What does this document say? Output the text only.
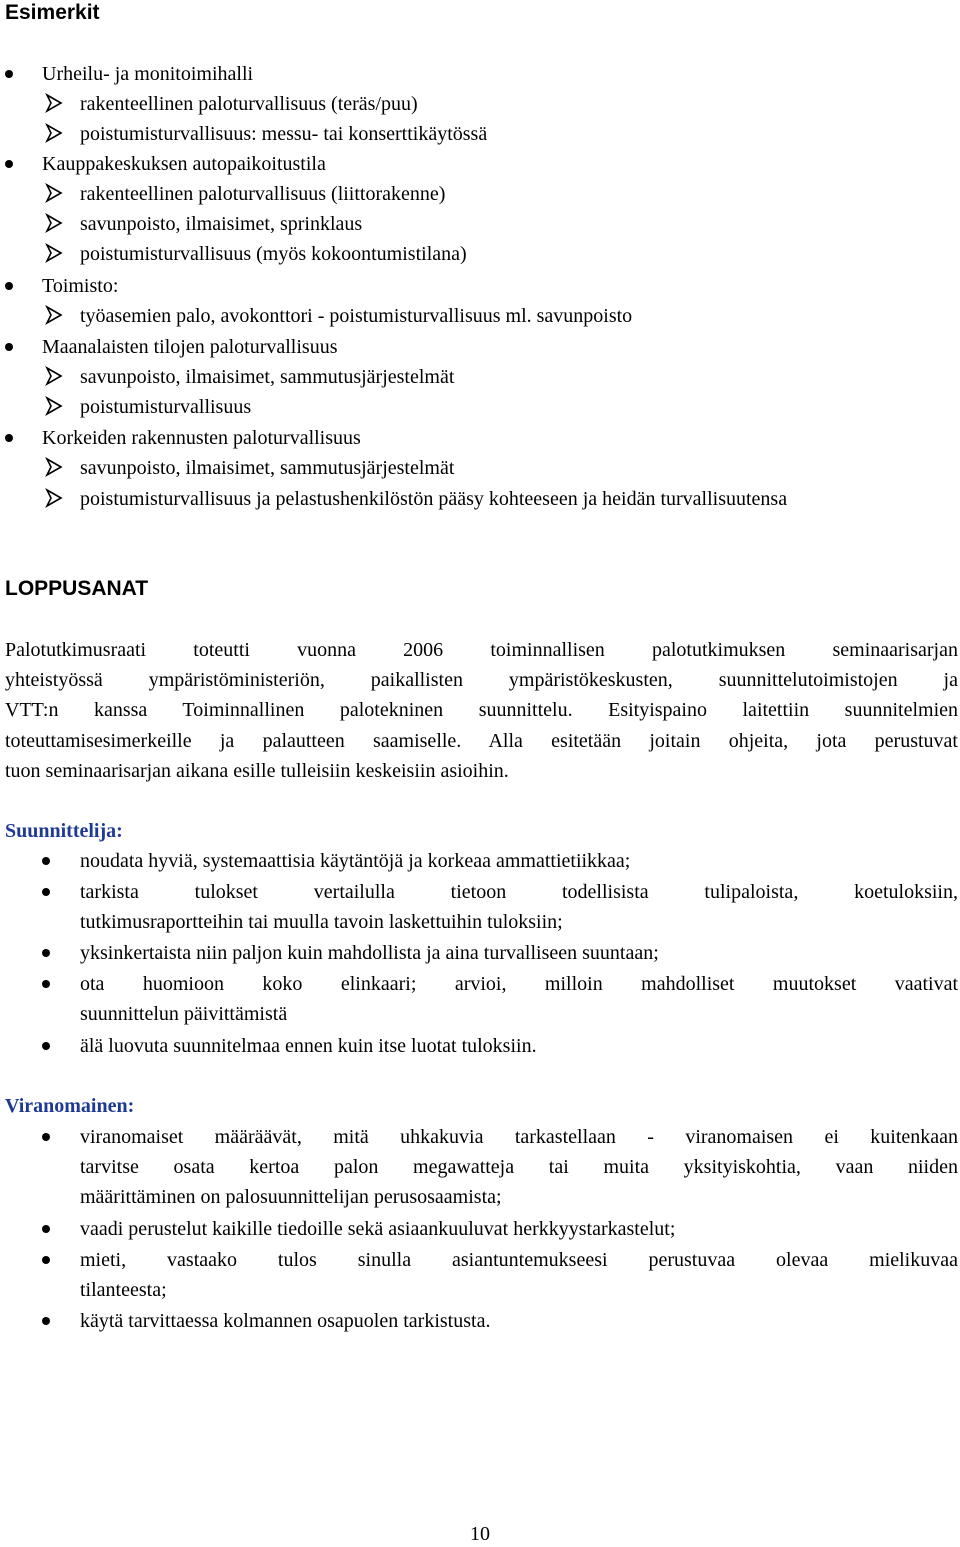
Esimerkit
Urheilu- ja monitoimihalli
rakenteellinen paloturvallisuus (teräs/puu)
poistumisturvallisuus: messu- tai konserttikäytössä
Kauppakeskuksen autopaikoitustila
rakenteellinen paloturvallisuus (liittorakenne)
savunpoisto, ilmaisimet, sprinklaus
poistumisturvallisuus (myös kokoontumistilana)
Toimisto:
työasemien palo, avokonttori - poistumisturvallisuus ml. savunpoisto
Maanalaisten tilojen paloturvallisuus
savunpoisto, ilmaisimet, sammutusjärjestelmät
poistumisturvallisuus
Korkeiden rakennusten paloturvallisuus
savunpoisto, ilmaisimet, sammutusjärjestelmät
poistumisturvallisuus ja pelastushenkilöstön pääsy kohteeseen ja heidän turvallisuutensa
LOPPUSANAT
Palotutkimusraati toteutti vuonna 2006 toiminnallisen palotutkimuksen seminaarisarjan
yhteistyössä ympäristöministeriön, paikallisten ympäristökeskusten, suunnittelutoimistojen ja
VTT:n kanssa Toiminnallinen palotekninen suunnittelu. Esityispaino laitettiin suunnitelmien
toteuttamisesimerkeille ja palautteen saamiselle. Alla esitetään joitain ohjeita, jota perustuvat
tuon seminaarisarjan aikana esille tulleisiin keskeisiin asioihin.
Suunnittelija:
noudata hyviä, systemaattisia käytäntöjä ja korkeaa ammattietiikkaa;
tarkista tulokset vertailulla tietoon todellisista tulipaloista, koetuloksiin,
tutkimusraportteihin tai muulla tavoin laskettuihin tuloksiin;
yksinkertaista niin paljon kuin mahdollista ja aina turvalliseen suuntaan;
ota huomioon koko elinkaari; arvioi, milloin mahdolliset muutokset vaativat
suunnittelun päivittämistä
älä luovuta suunnitelmaa ennen kuin itse luotat tuloksiin.
Viranomainen:
viranomaiset määräävät, mitä uhkakuvia tarkastellaan - viranomaisen ei kuitenkaan
tarvitse osata kertoa palon megawatteja tai muita yksityiskohtia, vaan niiden
määrittäminen on palosuunnittelijan perusosaamista;
vaadi perustelut kaikille tiedoille sekä asiaankuuluvat herkkyystarkastelut;
mieti, vastaako tulos sinulla asiantuntemukseesi perustuvaa olevaa mielikuvaa
tilanteesta;
käytä tarvittaessa kolmannen osapuolen tarkistusta.
10
